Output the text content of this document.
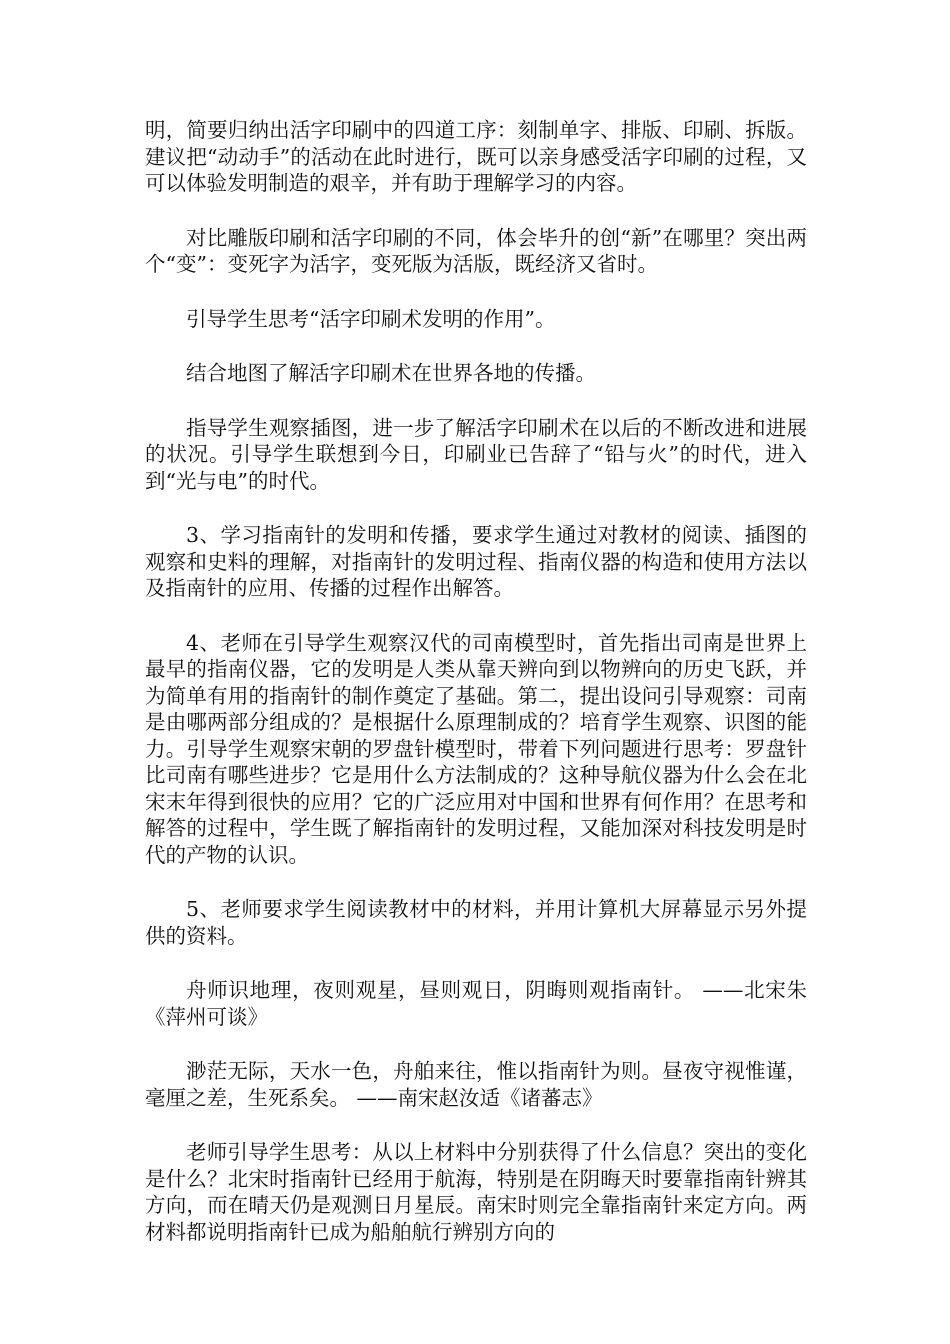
明，简要归纳出活字印刷中的四道工序：刻制单字、排版、印刷、拆版。建议把“动动手”的活动在此时进行，既可以亲身感受活字印刷的过程，又可以体验发明制造的艰辛，并有助于理解学习的内容。

对比雕版印刷和活字印刷的不同，体会毕升的创“新”在哪里？突出两个“变”：变死字为活字，变死版为活版，既经济又省时。

引导学生思考“活字印刷术发明的作用”。

结合地图了解活字印刷术在世界各地的传播。

指导学生观察插图，进一步了解活字印刷术在以后的不断改进和进展的状况。引导学生联想到今日，印刷业已告辞了“铅与火”的时代，进入到“光与电”的时代。

3、学习指南针的发明和传播，要求学生通过对教材的阅读、插图的观察和史料的理解，对指南针的发明过程、指南仪器的构造和使用方法以及指南针的应用、传播的过程作出解答。

4、老师在引导学生观察汉代的司南模型时，首先指出司南是世界上最早的指南仪器，它的发明是人类从靠天辨向到以物辨向的历史飞跃，并为简单有用的指南针的制作奠定了基础。第二，提出设问引导观察：司南是由哪两部分组成的？是根据什么原理制成的？培育学生观察、识图的能力。引导学生观察宋朝的罗盘针模型时，带着下列问题进行思考：罗盘针比司南有哪些进步？它是用什么方法制成的？这种导航仪器为什么会在北宋末年得到很快的应用？它的广泛应用对中国和世界有何作用？在思考和解答的过程中，学生既了解指南针的发明过程，又能加深对科技发明是时代的产物的认识。

5、老师要求学生阅读教材中的材料，并用计算机大屏幕显示另外提供的资料。

舟师识地理，夜则观星，昼则观日，阴晦则观指南针。 ——北宋朱《萍州可谈》

渺茫无际，天水一色，舟舶来往，惟以指南针为则。昼夜守视惟谨，毫厘之差，生死系矣。 ——南宋赵汝适《诸蕃志》

老师引导学生思考：从以上材料中分别获得了什么信息？突出的变化是什么？北宋时指南针已经用于航海，特别是在阴晦天时要靠指南针辨其方向，而在晴天仍是观测日月星辰。南宋时则完全靠指南针来定方向。两材料都说明指南针已成为船舶航行辨别方向的
